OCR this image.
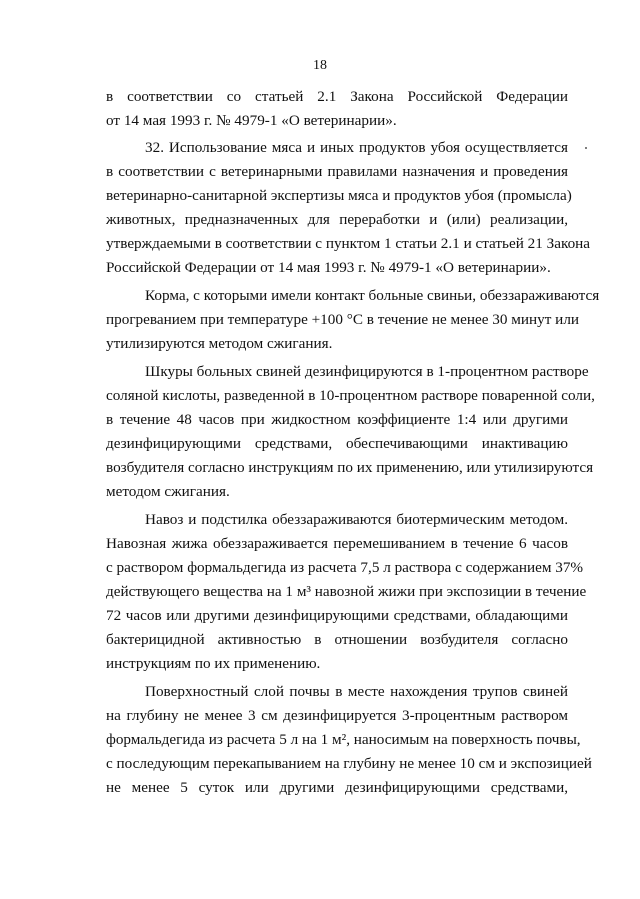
18
в соответствии со статьей 2.1 Закона Российской Федерации
от 14 мая 1993 г. № 4979-1 «О ветеринарии».
32. Использование мяса и иных продуктов убоя осуществляется
в соответствии с ветеринарными правилами назначения и проведения
ветеринарно-санитарной экспертизы мяса и продуктов убоя (промысла)
животных, предназначенных для переработки и (или) реализации,
утверждаемыми в соответствии с пунктом 1 статьи 2.1 и статьей 21 Закона
Российской Федерации от 14 мая 1993 г. № 4979-1 «О ветеринарии».
Корма, с которыми имели контакт больные свиньи, обеззараживаются
прогреванием при температуре +100 °С в течение не менее 30 минут или
утилизируются методом сжигания.
Шкуры больных свиней дезинфицируются в 1-процентном растворе
соляной кислоты, разведенной в 10-процентном растворе поваренной соли,
в течение 48 часов при жидкостном коэффициенте 1:4 или другими
дезинфицирующими средствами, обеспечивающими инактивацию
возбудителя согласно инструкциям по их применению, или утилизируются
методом сжигания.
Навоз и подстилка обеззараживаются биотермическим методом.
Навозная жижа обеззараживается перемешиванием в течение 6 часов
с раствором формальдегида из расчета 7,5 л раствора с содержанием 37%
действующего вещества на 1 м³ навозной жижи при экспозиции в течение
72 часов или другими дезинфицирующими средствами, обладающими
бактерицидной активностью в отношении возбудителя согласно
инструкциям по их применению.
Поверхностный слой почвы в месте нахождения трупов свиней
на глубину не менее 3 см дезинфицируется 3-процентным раствором
формальдегида из расчета 5 л на 1 м², наносимым на поверхность почвы,
с последующим перекапыванием на глубину не менее 10 см и экспозицией
не менее 5 суток или другими дезинфицирующими средствами,
